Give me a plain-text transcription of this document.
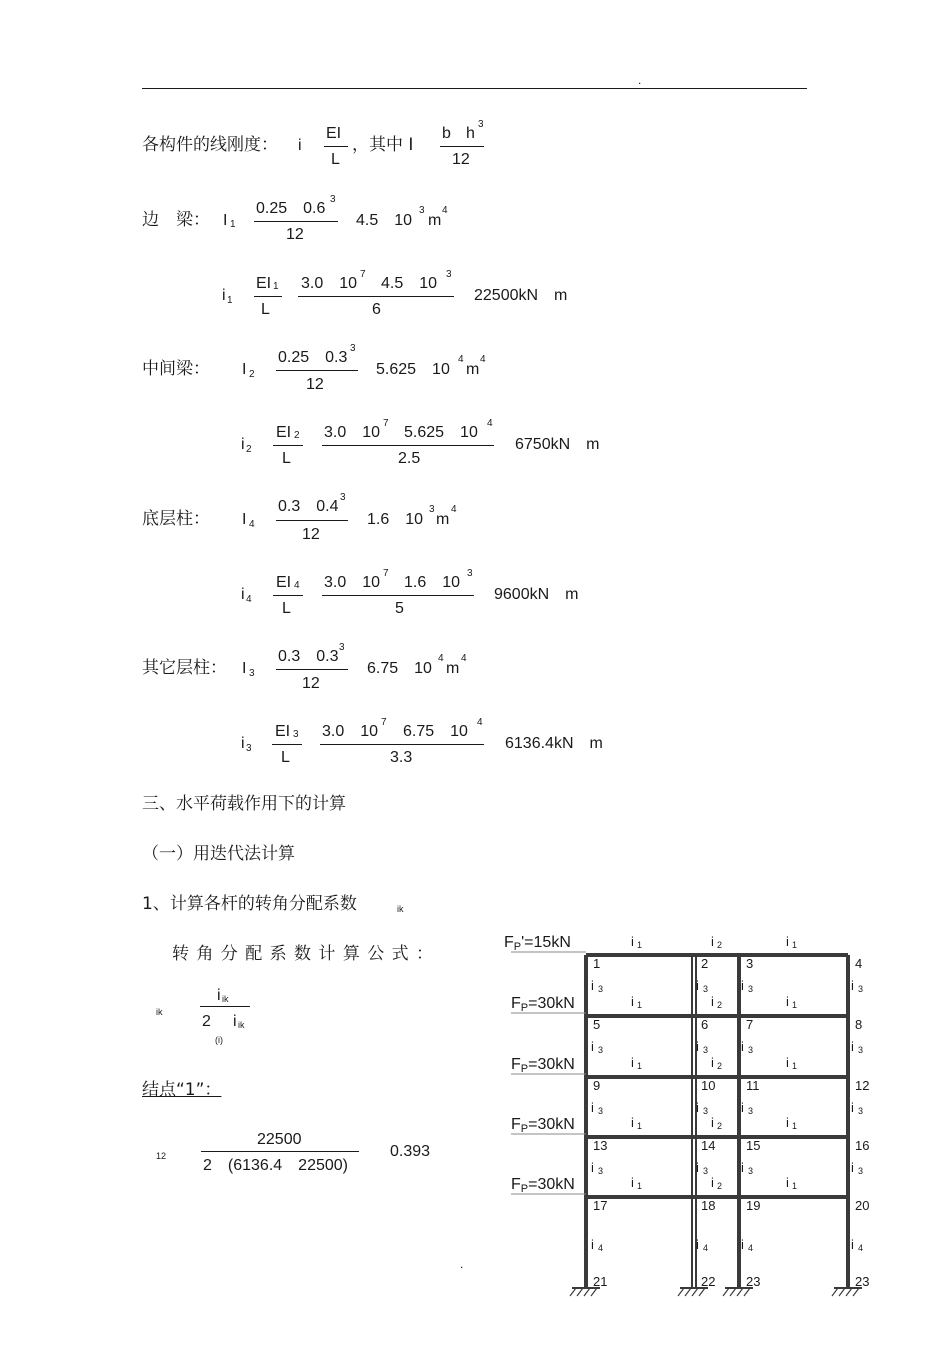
.
各构件的线刚度： i
EI
L
，其中 I
b h
3
12
边　梁： I 1
0.25　0.6
3
12
4.5　10
3
m
4
i 1
EI 1
L
3.0　10
7
4.5　10
3
6
22500kN　m
中间梁： I 2
0.25　0.3
3
12
5.625　10
4
m
4
i 2
EI 2
L
3.0　10
7
5.625　10
4
2.5
6750kN　m
底层柱： I 4
0.3　0.4
3
12
1.6　10
3
m
4
i 4
EI 4
L
3.0　10
7
1.6　10
3
5
9600kN　m
其它层柱： I 3
0.3　0.3
3
12
6.75　10
4
m
4
i 3
EI 3
L
3.0　10
7
6.75　10
4
3.3
6136.4kN　m
三、水平荷载作用下的计算
（一）用迭代法计算
1、计算各杆的转角分配系数	ik
转 角 分 配 系 数 计 算 公 式 ：
ik
i ik
2 i ik
(i)
结点“1”：
12
22500
2　(6136.4　22500)
0.393
.
1	2	3	4
5	6	7	8
9	10 11	12
13	14 15	16
17	18 19	20
21	22 23	23
i 1	i 2	i 1
i 1	i 2	i 1
i 1	i 2	i 1
i 1	i 2	i 1
i 1	i 2	i 1
i 3	i 3	i 3	i 3
i 3	i 3	i 3	i 3
i 3	i 3	i 3	i 3
i 3	i 3	i 3	i 3
i 4	i 4	i 4	i 4
FP'=15kN
FP=30kN
FP=30kN
FP=30kN
FP=30kN
